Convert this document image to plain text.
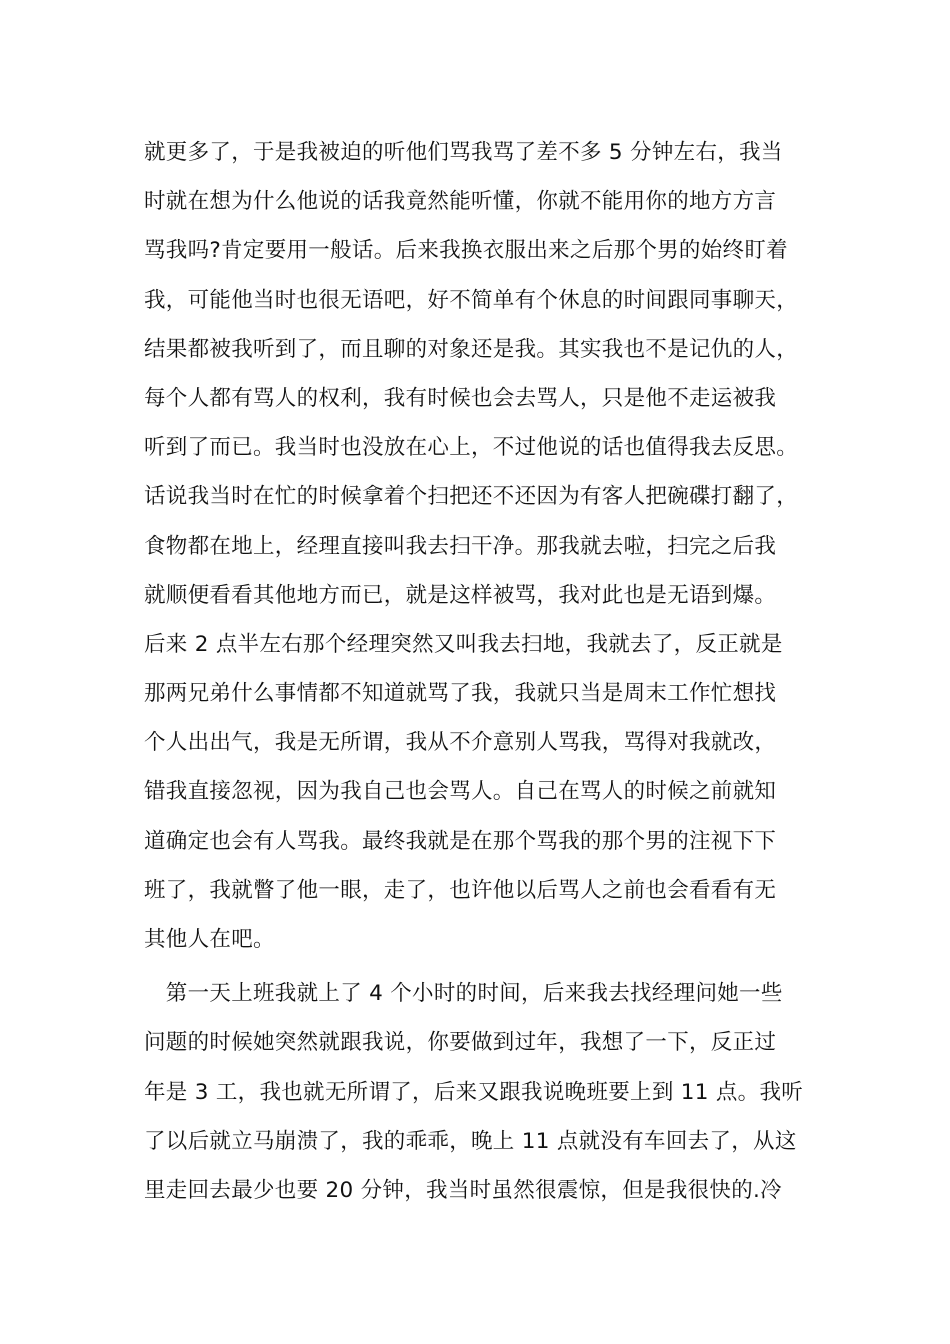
就更多了，于是我被迫的听他们骂我骂了差不多 5 分钟左右，我当
时就在想为什么他说的话我竟然能听懂，你就不能用你的地方方言
骂我吗?肯定要用一般话。后来我换衣服出来之后那个男的始终盯着
我，可能他当时也很无语吧，好不简单有个休息的时间跟同事聊天，
结果都被我听到了，而且聊的对象还是我。其实我也不是记仇的人，
每个人都有骂人的权利，我有时候也会去骂人，只是他不走运被我
听到了而已。我当时也没放在心上，不过他说的话也值得我去反思。
话说我当时在忙的时候拿着个扫把还不还因为有客人把碗碟打翻了，
食物都在地上，经理直接叫我去扫干净。那我就去啦，扫完之后我
就顺便看看其他地方而已，就是这样被骂，我对此也是无语到爆。
后来 2 点半左右那个经理突然又叫我去扫地，我就去了，反正就是
那两兄弟什么事情都不知道就骂了我，我就只当是周末工作忙想找
个人出出气，我是无所谓，我从不介意别人骂我，骂得对我就改，
错我直接忽视，因为我自己也会骂人。自己在骂人的时候之前就知
道确定也会有人骂我。最终我就是在那个骂我的那个男的注视下下
班了，我就瞥了他一眼，走了，也许他以后骂人之前也会看看有无
其他人在吧。
　第一天上班我就上了 4 个小时的时间，后来我去找经理问她一些
问题的时候她突然就跟我说，你要做到过年，我想了一下，反正过
年是 3 工，我也就无所谓了，后来又跟我说晚班要上到 11 点。我听
了以后就立马崩溃了，我的乖乖，晚上 11 点就没有车回去了，从这
里走回去最少也要 20 分钟，我当时虽然很震惊，但是我很快的.冷
